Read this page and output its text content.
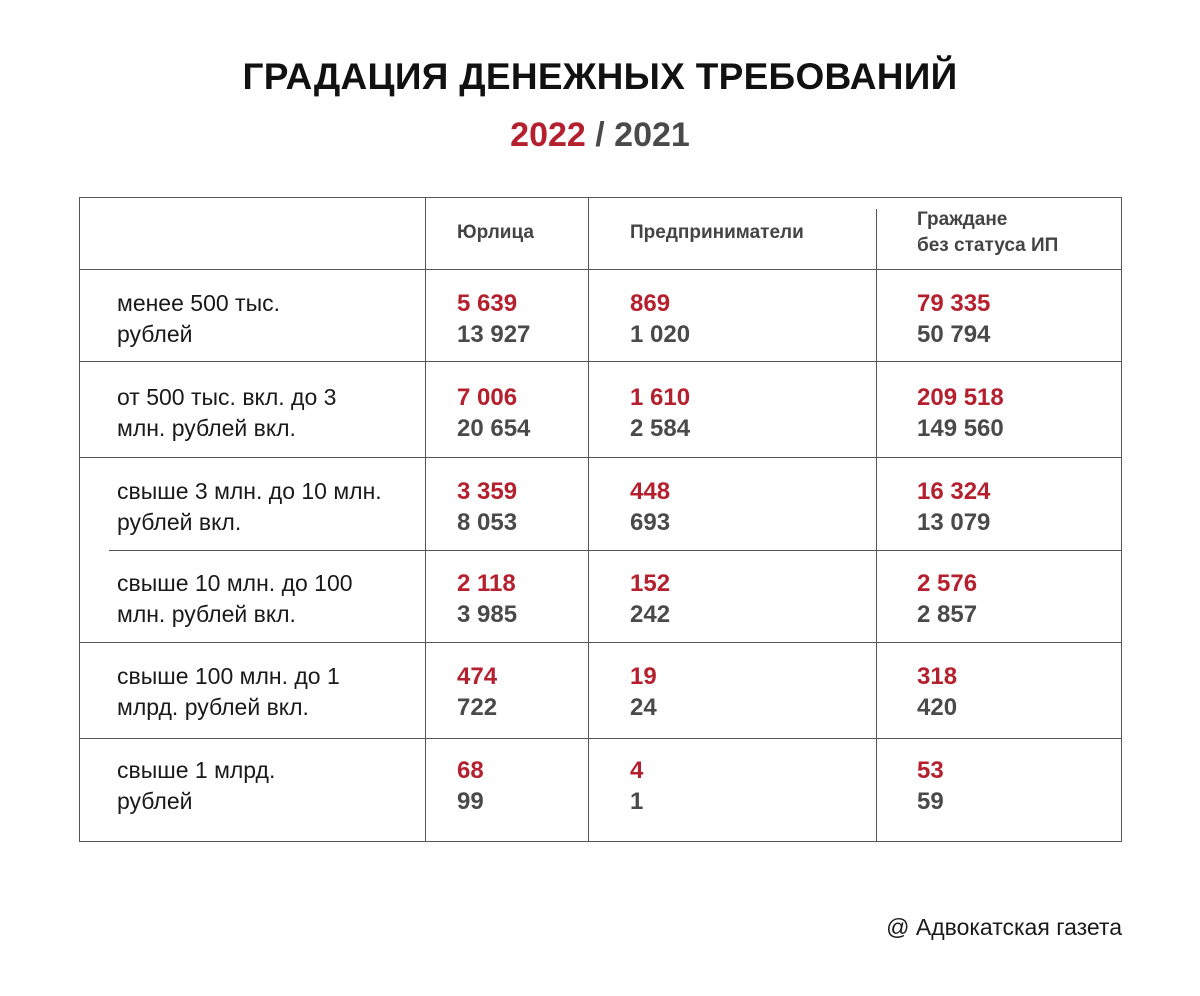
ГРАДАЦИЯ ДЕНЕЖНЫХ ТРЕБОВАНИЙ
2022 / 2021
Юрлица	Предприниматели
Граждане
без статуса ИП
менее 500 тыс.
рублей
5 639
13 927
869
1 020
79 335
50 794
от 500 тыс. вкл. до 3
млн. рублей вкл.
7 006
20 654
1 610
2 584
209 518
149 560
свыше 3 млн. до 10 млн.
рублей вкл.
3 359
8 053
448
693
16 324
13 079
свыше 10 млн. до 100
млн. рублей вкл.
2 118
3 985
152
242
2 576
2 857
свыше 100 млн. до 1
млрд. рублей вкл.
474
722
19
24
318
420
свыше 1 млрд.
рублей
68
99
4
1
53
59
@ Адвокатская газета
